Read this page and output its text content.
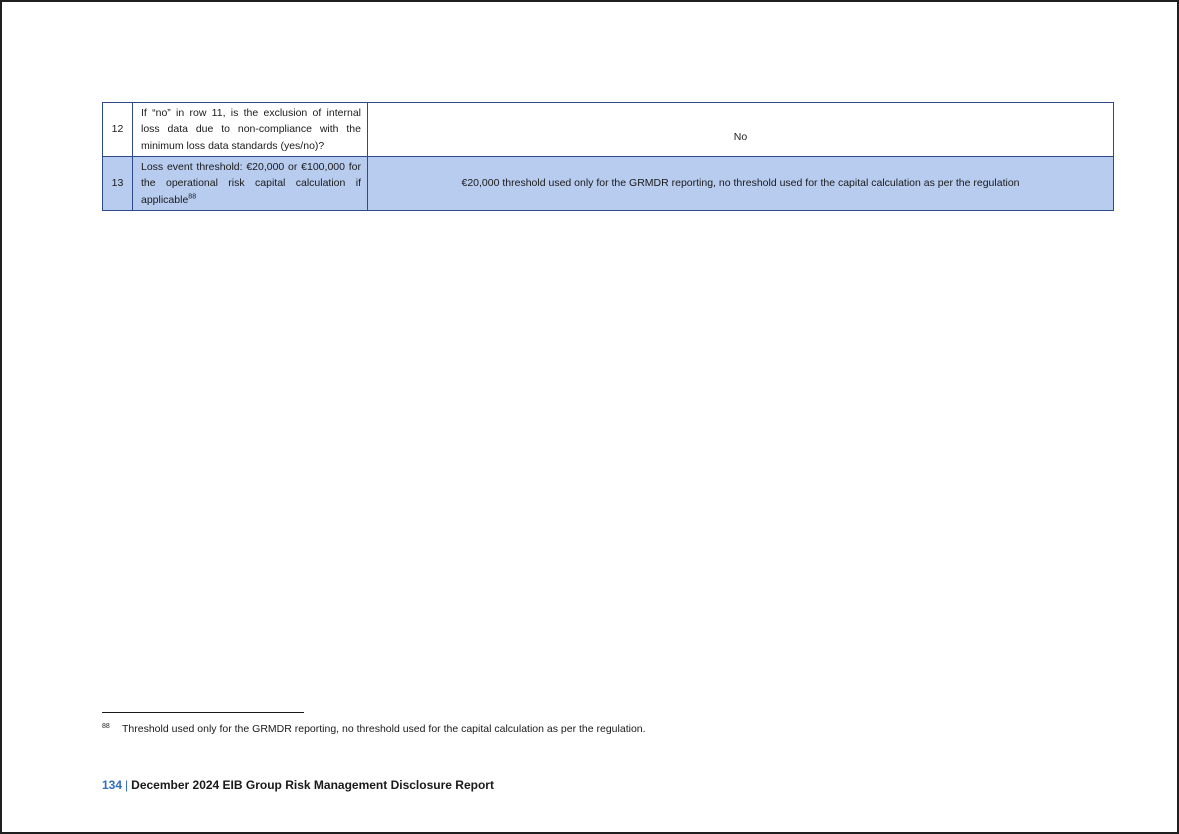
12	If “no” in row 11, is the exclusion of internal loss data due to non-compliance with the minimum loss data standards (yes/no)?	No
13	Loss event threshold: €20,000 or €100,000 for the operational risk capital calculation if applicable$^{88}$	€20,000 threshold used only for the GRMDR reporting, no threshold used for the capital calculation as per the regulation
88 Threshold used only for the GRMDR reporting, no threshold used for the capital calculation as per the regulation.
134 | December 2024 EIB Group Risk Management Disclosure Report
